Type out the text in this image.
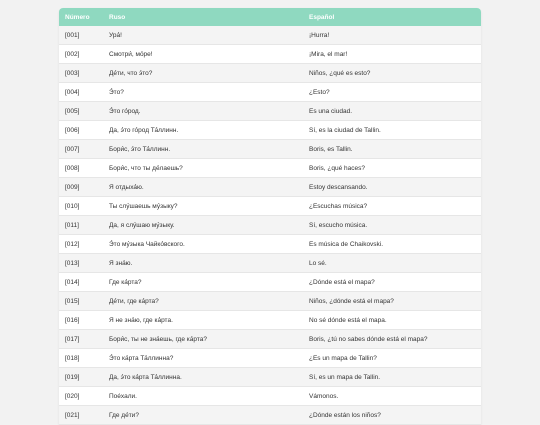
Número	Ruso	Español
[001]	Ура́!	¡Hurra!
[002]	Смотри́, мо́ре!	¡Mira, el mar!
[003]	Де́ти, что э́то?	Niños, ¿qué es esto?
[004]	Э́то?	¿Esto?
[005]	Э́то го́род.	Es una ciudad.
[006]	Да, э́то го́род Та́ллинн.	Sí, es la ciudad de Tallin.
[007]	Бори́с, э́то Та́ллинн.	Boris, es Tallin.
[008]	Бори́с, что ты де́лаешь?	Boris, ¿qué haces?
[009]	Я отдыха́ю.	Estoy descansando.
[010]	Ты слу́шаешь му́зыку?	¿Escuchas música?
[011]	Да, я слу́шаю му́зыку.	Sí, escucho música.
[012]	Э́то му́зыка Чайко́вского.	Es música de Chaikovski.
[013]	Я зна́ю.	Lo sé.
[014]	Где ка́рта?	¿Dónde está el mapa?
[015]	Де́ти, где ка́рта?	Niños, ¿dónde está el mapa?
[016]	Я не зна́ю, где ка́рта.	No sé dónde está el mapa.
[017]	Бори́с, ты не зна́ешь, где ка́рта?	Boris, ¿tú no sabes dónde está el mapa?
[018]	Э́то ка́рта Та́ллинна?	¿Es un mapa de Tallin?
[019]	Да, э́то ка́рта Та́ллинна.	Sí, es un mapa de Tallin.
[020]	Поéхали.	Vámonos.
[021]	Где де́ти?	¿Dónde están los niños?
